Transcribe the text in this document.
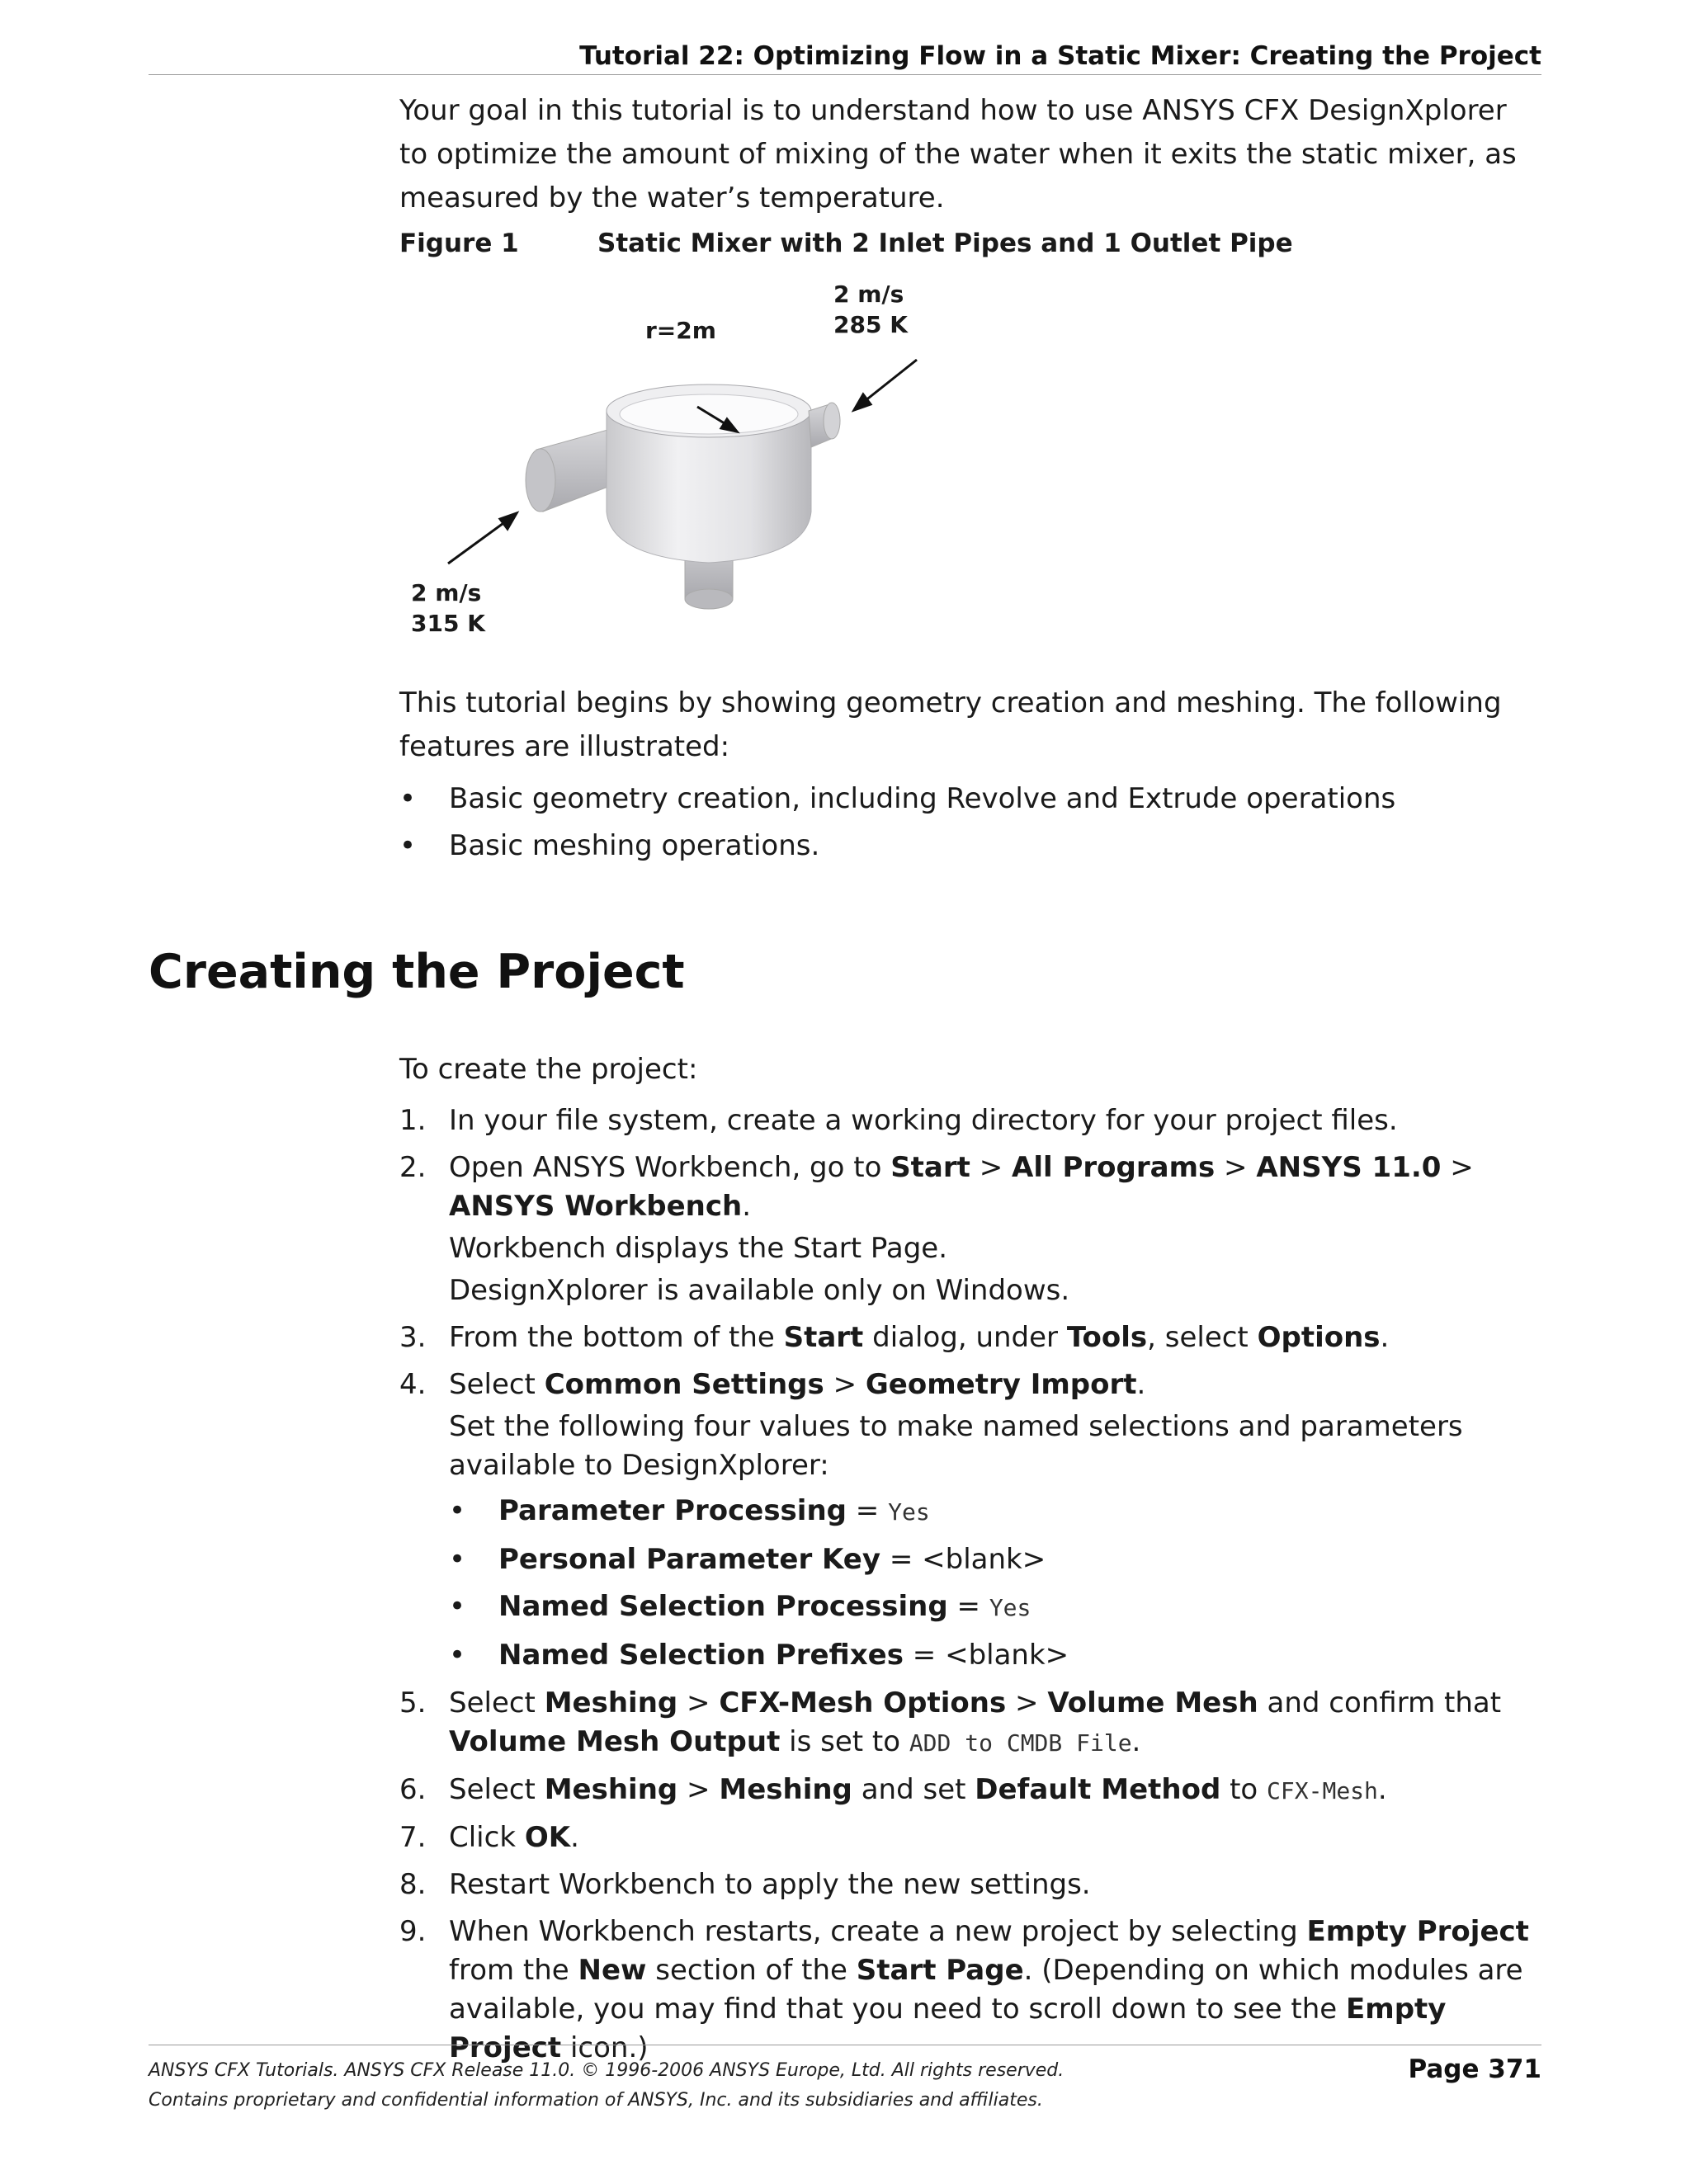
Tutorial 22: Optimizing Flow in a Static Mixer: Creating the Project

Your goal in this tutorial is to understand how to use ANSYS CFX DesignXplorer to optimize the amount of mixing of the water when it exits the static mixer, as measured by the water’s temperature.

Figure 1	Static Mixer with 2 Inlet Pipes and 1 Outlet Pipe
r=2m
2 m/s
285 K
2 m/s
315 K

This tutorial begins by showing geometry creation and meshing. The following features are illustrated:

• Basic geometry creation, including Revolve and Extrude operations
• Basic meshing operations.
Creating the Project

To create the project:

1. In your file system, create a working directory for your project files.
2. Open ANSYS Workbench, go to Start > All Programs > ANSYS 11.0 > ANSYS Workbench.
Workbench displays the Start Page.
DesignXplorer is available only on Windows.
3. From the bottom of the Start dialog, under Tools, select Options.
4. Select Common Settings > Geometry Import.
Set the following four values to make named selections and parameters available to DesignXplorer:
• Parameter Processing = Yes
• Personal Parameter Key = <blank>
• Named Selection Processing = Yes
• Named Selection Prefixes = <blank>
5. Select Meshing > CFX-Mesh Options > Volume Mesh and confirm that Volume Mesh Output is set to ADD to CMDB File.
6. Select Meshing > Meshing and set Default Method to CFX-Mesh.
7. Click OK.
8. Restart Workbench to apply the new settings.
9. When Workbench restarts, create a new project by selecting Empty Project from the New section of the Start Page. (Depending on which modules are available, you may find that you need to scroll down to see the Empty Project icon.)
ANSYS CFX Tutorials. ANSYS CFX Release 11.0. © 1996-2006 ANSYS Europe, Ltd. All rights reserved.
Contains proprietary and confidential information of ANSYS, Inc. and its subsidiaries and affiliates.
Page 371
